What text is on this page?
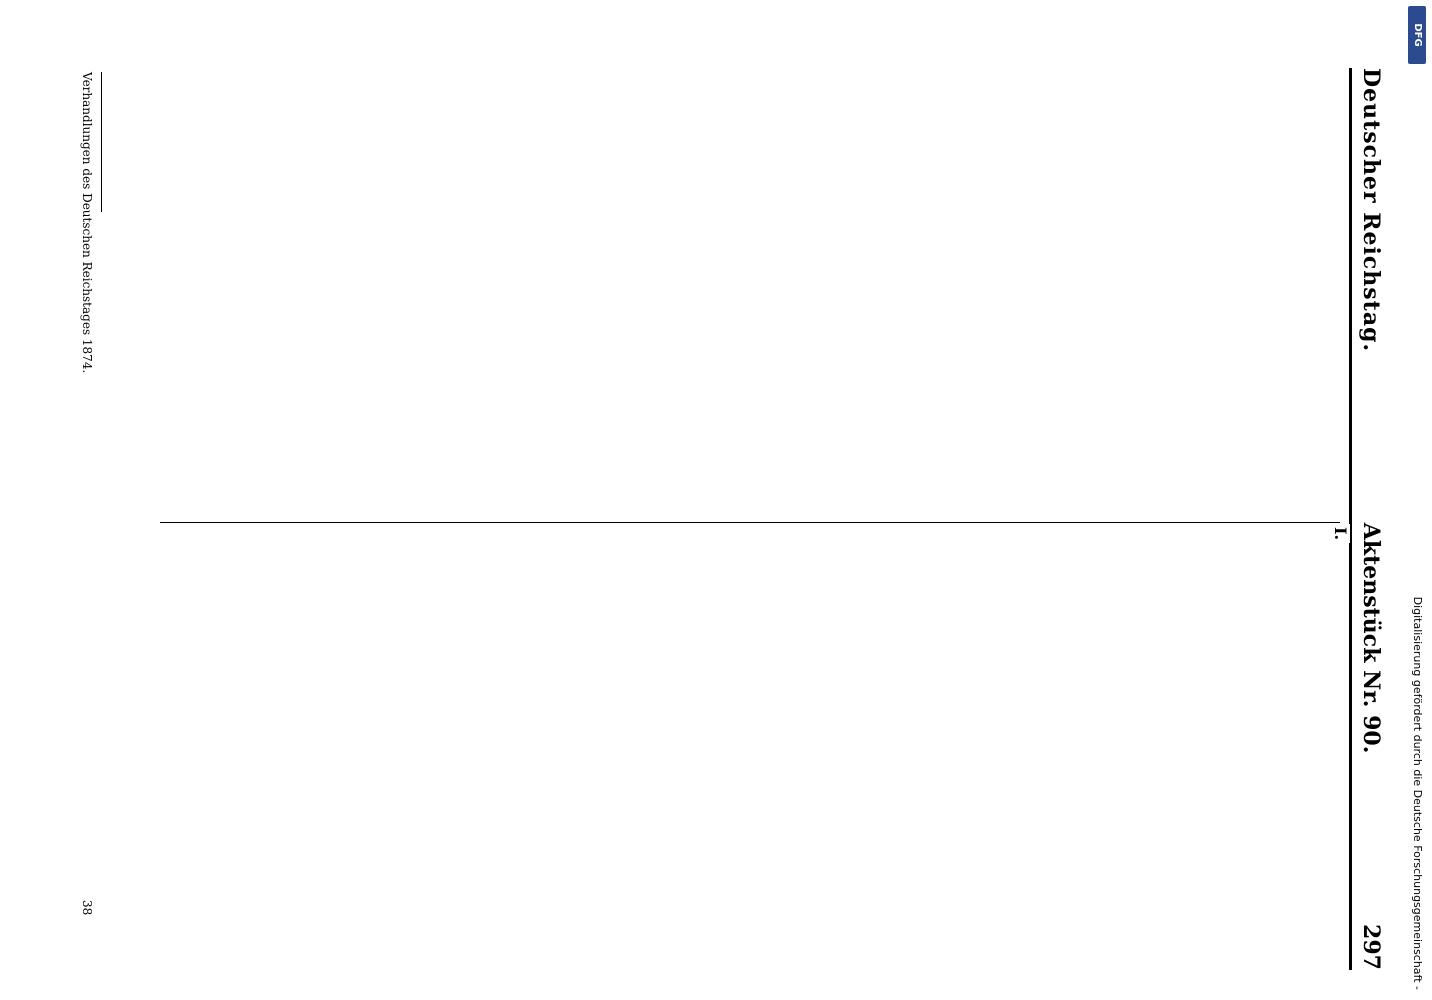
Deutscher Reichstag.
Aktenstück Nr. 90.
297
I.
Verhandlungen des Deutschen Reichstages 1874.
38
DFG
Digitalisierung gefördert durch die Deutsche Forschungsgemeinschaft -
